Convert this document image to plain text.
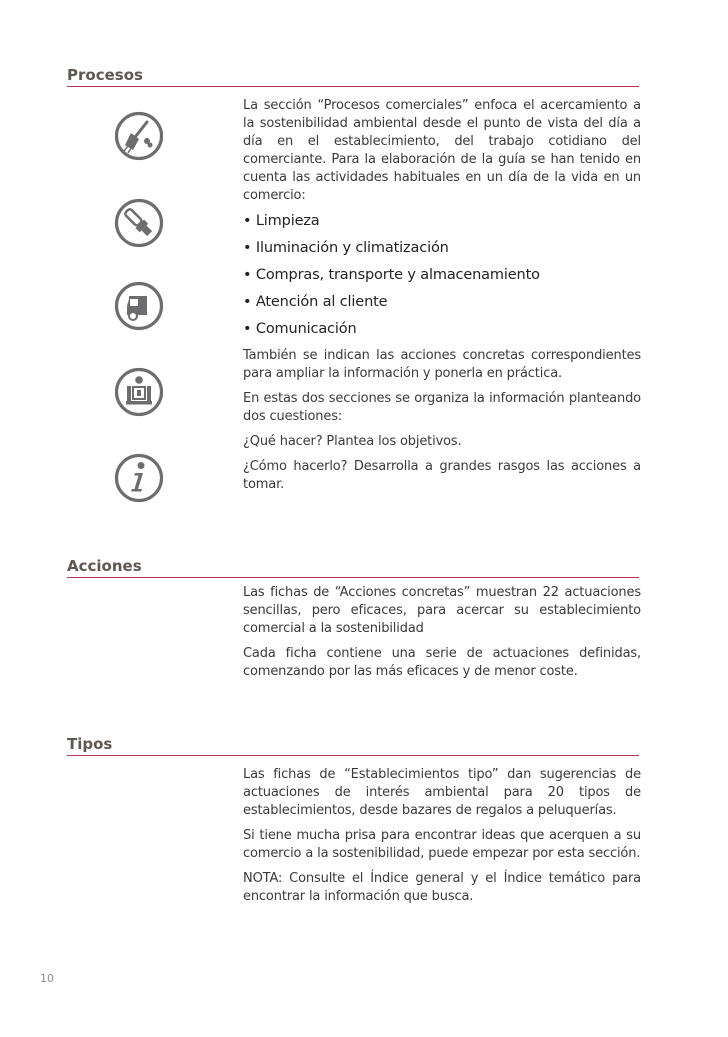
Procesos

La sección “Procesos comerciales” enfoca el acercamiento a la sostenibilidad ambiental desde el punto de vista del día a día en el establecimiento, del trabajo cotidiano del comerciante. Para la elaboración de la guía se han tenido en cuenta las actividades habituales en un día de la vida en un comercio:

• Limpieza
• Iluminación y climatización
• Compras, transporte y almacenamiento
• Atención al cliente
• Comunicación

También se indican las acciones concretas correspondientes para ampliar la información y ponerla en práctica.

En estas dos secciones se organiza la información planteando dos cuestiones:

¿Qué hacer? Plantea los objetivos.

¿Cómo hacerlo? Desarrolla a grandes rasgos las acciones a tomar.

Acciones

Las fichas de “Acciones concretas” muestran 22 actuaciones sencillas, pero eficaces, para acercar su establecimiento comercial a la sostenibilidad

Cada ficha contiene una serie de actuaciones definidas, comenzando por las más eficaces y de menor coste.

Tipos

Las fichas de “Establecimientos tipo” dan sugerencias de actuaciones de interés ambiental para 20 tipos de establecimientos, desde bazares de regalos a peluquerías.

Si tiene mucha prisa para encontrar ideas que acerquen a su comercio a la sostenibilidad, puede empezar por esta sección.

NOTA: Consulte el Índice general y el Índice temático para encontrar la información que busca.

10
